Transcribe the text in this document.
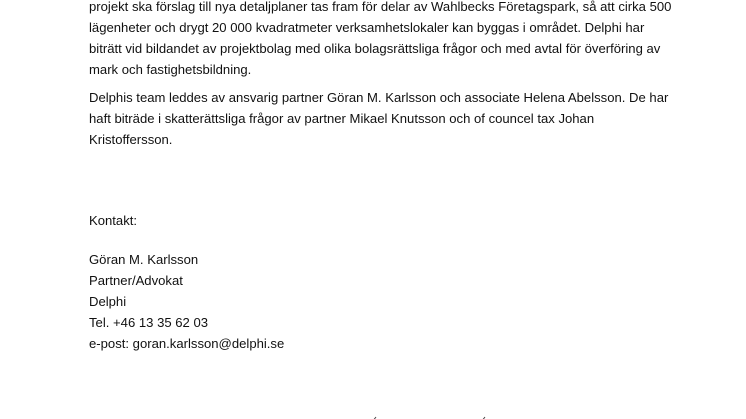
projekt ska förslag till nya detaljplaner tas fram för delar av Wahlbecks Företagspark, så att cirka 500
lägenheter och drygt 20 000 kvadratmeter verksamhetslokaler kan byggas i området. Delphi har
biträtt vid bildandet av projektbolag med olika bolagsrättsliga frågor och med avtal för överföring av
mark och fastighetsbildning.

Delphis team leddes av ansvarig partner Göran M. Karlsson och associate Helena Abelsson. De har
haft biträde i skatterättsliga frågor av partner Mikael Knutsson och of councel tax Johan
Kristoffersson.

Kontakt:
Göran M. Karlsson
Partner/Advokat
Delphi
Tel. +46 13 35 62 03
e-post: goran.karlsson@delphi.se
